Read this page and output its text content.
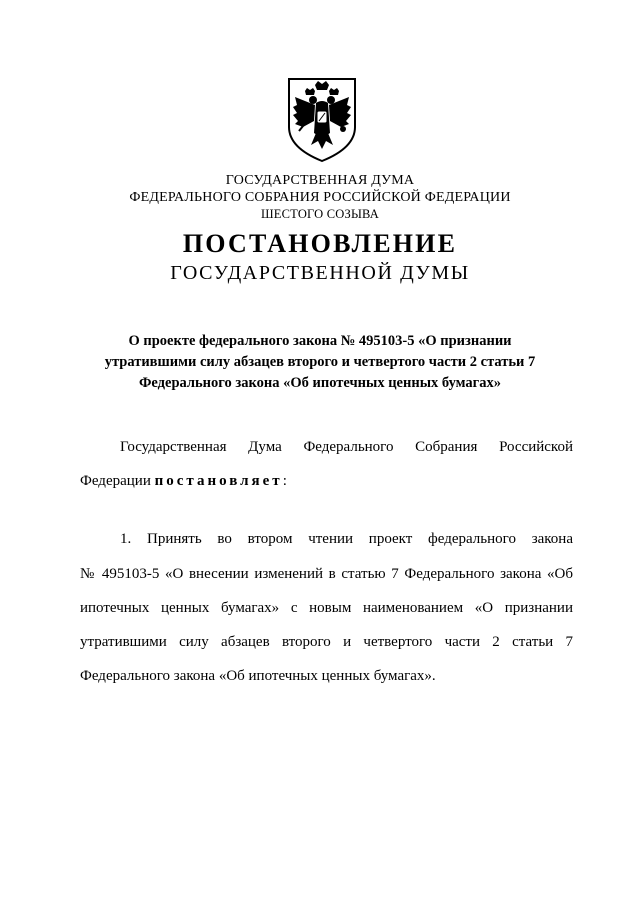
ГОСУДАРСТВЕННАЯ ДУМА
ФЕДЕРАЛЬНОГО СОБРАНИЯ РОССИЙСКОЙ ФЕДЕРАЦИИ
ШЕСТОГО СОЗЫВА
ПОСТАНОВЛЕНИЕ
ГОСУДАРСТВЕННОЙ ДУМЫ
О проекте федерального закона № 495103-5 «О признании
утратившими силу абзацев второго и четвертого части 2 статьи 7
Федерального закона «Об ипотечных ценных бумагах»
Государственная Дума Федерального Собрания Российской
Федерации постановляет:
1. Принять во втором чтении проект федерального закона
№ 495103-5 «О внесении изменений в статью 7 Федерального закона «Об
ипотечных ценных бумагах» с новым наименованием «О признании
утратившими силу абзацев второго и четвертого части 2 статьи 7
Федерального закона «Об ипотечных ценных бумагах».
